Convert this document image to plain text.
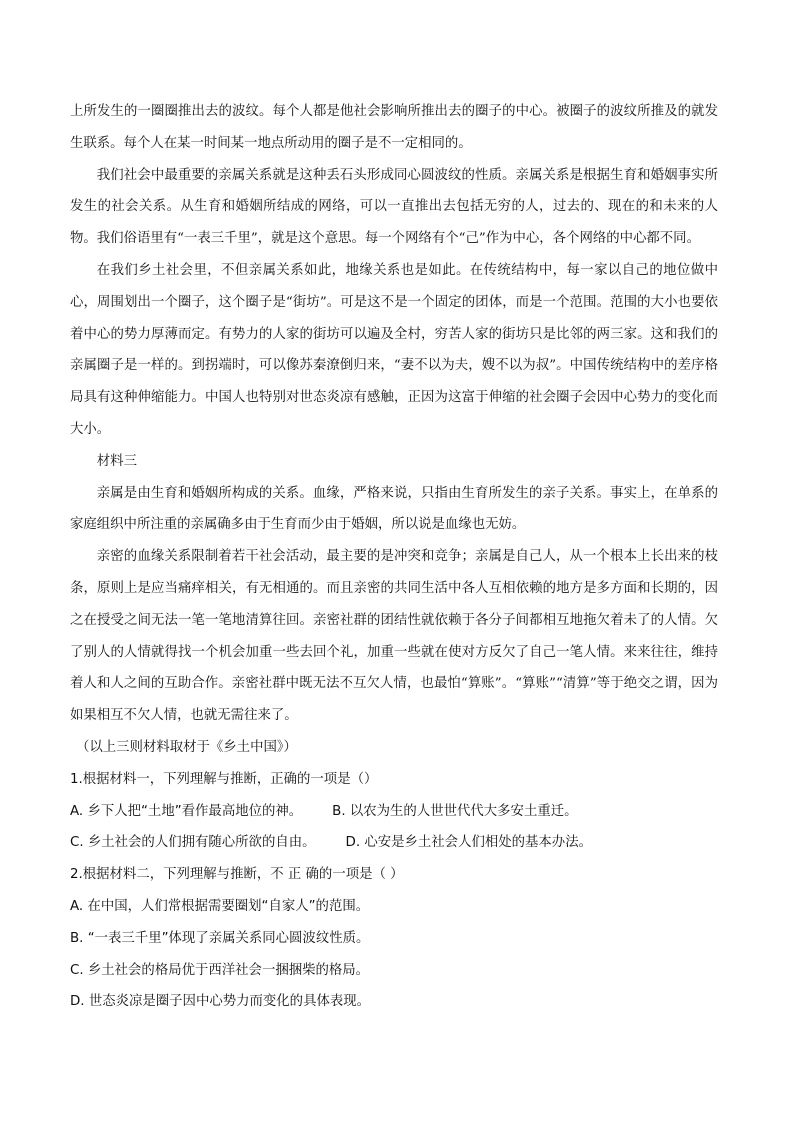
上所发生的一圈圈推出去的波纹。每个人都是他社会影响所推出去的圈子的中心。被圈子的波纹所推及的就发生联系。每个人在某一时间某一地点所动用的圈子是不一定相同的。

我们社会中最重要的亲属关系就是这种丢石头形成同心圆波纹的性质。亲属关系是根据生育和婚姻事实所发生的社会关系。从生育和婚姻所结成的网络，可以一直推出去包括无穷的人，过去的、现在的和未来的人物。我们俗语里有“一表三千里”，就是这个意思。每一个网络有个“己”作为中心，各个网络的中心都不同。

在我们乡土社会里，不但亲属关系如此，地缘关系也是如此。在传统结构中，每一家以自己的地位做中心，周围划出一个圈子，这个圈子是“街坊”。可是这不是一个固定的团体，而是一个范围。范围的大小也要依着中心的势力厚薄而定。有势力的人家的街坊可以遍及全村，穷苦人家的街坊只是比邻的两三家。这和我们的亲属圈子是一样的。到拐端时，可以像苏秦潦倒归来，“妻不以为夫，嫂不以为叔”。中国传统结构中的差序格局具有这种伸缩能力。中国人也特别对世态炎凉有感触，正因为这富于伸缩的社会圈子会因中心势力的变化而大小。

材料三

亲属是由生育和婚姻所构成的关系。血缘，严格来说，只指由生育所发生的亲子关系。事实上，在单系的家庭组织中所注重的亲属确多由于生育而少由于婚姻，所以说是血缘也无妨。

亲密的血缘关系限制着若干社会活动，最主要的是冲突和竞争；亲属是自己人，从一个根本上长出来的枝条，原则上是应当痛痒相关，有无相通的。而且亲密的共同生活中各人互相依赖的地方是多方面和长期的，因之在授受之间无法一笔一笔地清算往回。亲密社群的团结性就依赖于各分子间都相互地拖欠着未了的人情。欠了别人的人情就得找一个机会加重一些去回个礼，加重一些就在使对方反欠了自己一笔人情。来来往往，维持着人和人之间的互助合作。亲密社群中既无法不互欠人情，也最怕“算账”。“算账”“清算”等于绝交之谓，因为如果相互不欠人情，也就无需往来了。

（以上三则材料取材于《乡土中国》）

1.根据材料一，下列理解与推断，正确的一项是（）

A. 乡下人把“土地”看作最高地位的神。 B. 以农为生的人世世代代大多安土重迁。
C. 乡土社会的人们拥有随心所欲的自由。 D. 心安是乡土社会人们相处的基本办法。

2.根据材料二，下列理解与推断，不 正 确的一项是（ ）

A. 在中国，人们常根据需要圈划“自家人”的范围。

B. “一表三千里”体现了亲属关系同心圆波纹性质。

C. 乡土社会的格局优于西洋社会一捆捆柴的格局。

D. 世态炎凉是圈子因中心势力而变化的具体表现。
